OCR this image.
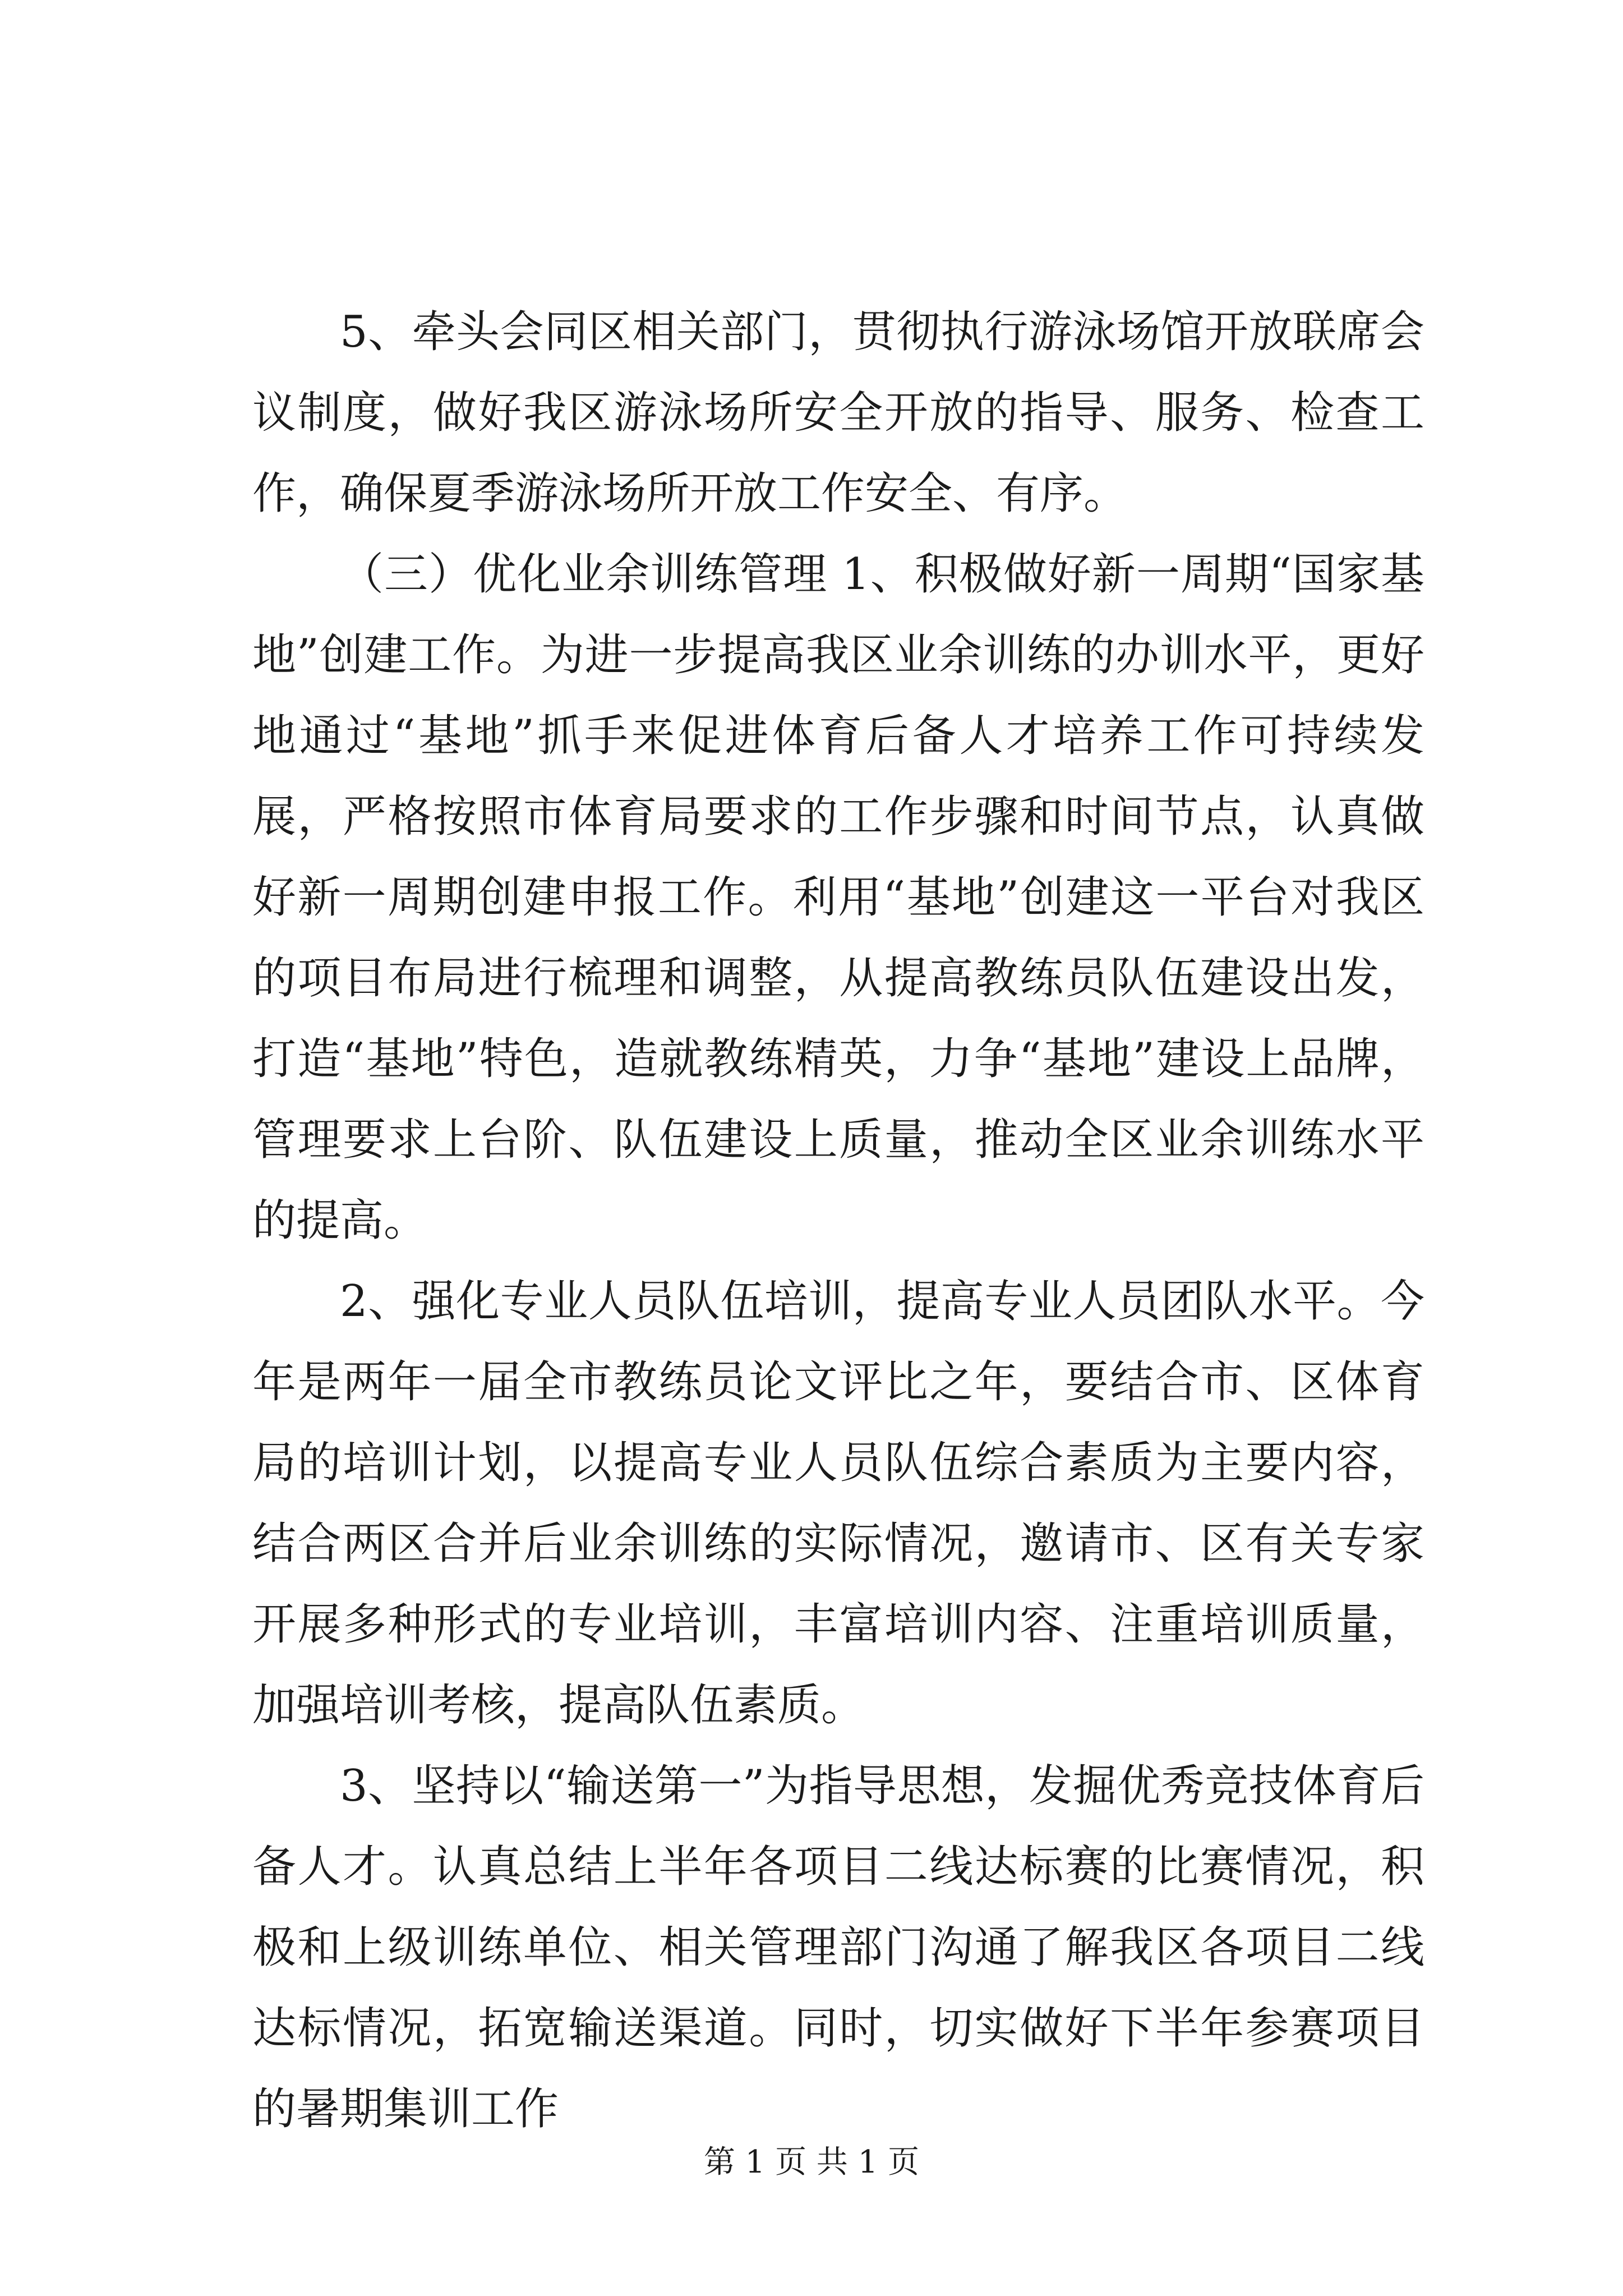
5、牵头会同区相关部门，贯彻执行游泳场馆开放联席会议制度，做好我区游泳场所安全开放的指导、服务、检查工作，确保夏季游泳场所开放工作安全、有序。

（三）优化业余训练管理 1、积极做好新一周期“国家基地”创建工作。为进一步提高我区业余训练的办训水平，更好地通过“基地”抓手来促进体育后备人才培养工作可持续发展，严格按照市体育局要求的工作步骤和时间节点，认真做好新一周期创建申报工作。利用“基地”创建这一平台对我区的项目布局进行梳理和调整，从提高教练员队伍建设出发，打造“基地”特色，造就教练精英，力争“基地”建设上品牌，管理要求上台阶、队伍建设上质量，推动全区业余训练水平的提高。

2、强化专业人员队伍培训，提高专业人员团队水平。今年是两年一届全市教练员论文评比之年，要结合市、区体育局的培训计划，以提高专业人员队伍综合素质为主要内容，结合两区合并后业余训练的实际情况，邀请市、区有关专家开展多种形式的专业培训，丰富培训内容、注重培训质量，加强培训考核，提高队伍素质。

3、坚持以“输送第一”为指导思想，发掘优秀竞技体育后备人才。认真总结上半年各项目二线达标赛的比赛情况，积极和上级训练单位、相关管理部门沟通了解我区各项目二线达标情况，拓宽输送渠道。同时，切实做好下半年参赛项目的暑期集训工作

第 1 页 共 1 页
